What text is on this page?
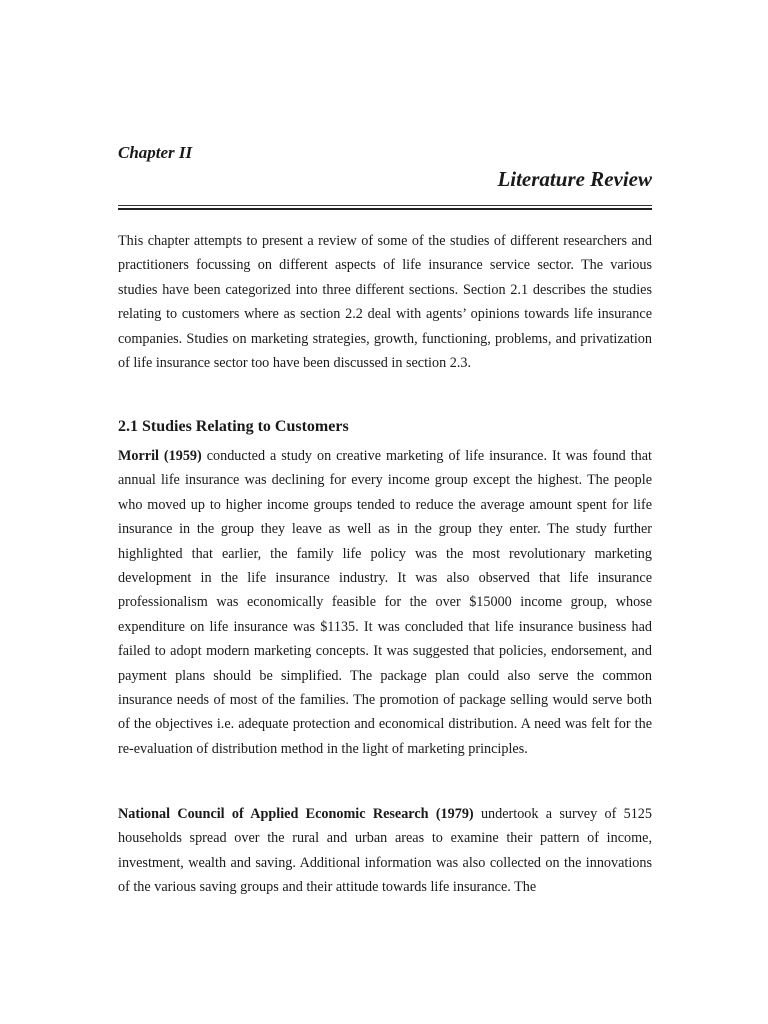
Chapter II

Literature Review

This chapter attempts to present a review of some of the studies of different researchers and practitioners focussing on different aspects of life insurance service sector. The various studies have been categorized into three different sections. Section 2.1 describes the studies relating to customers where as section 2.2 deal with agents’ opinions towards life insurance companies. Studies on marketing strategies, growth, functioning, problems, and privatization of life insurance sector too have been discussed in section 2.3.

2.1 Studies Relating to Customers

Morril (1959) conducted a study on creative marketing of life insurance. It was found that annual life insurance was declining for every income group except the highest. The people who moved up to higher income groups tended to reduce the average amount spent for life insurance in the group they leave as well as in the group they enter. The study further highlighted that earlier, the family life policy was the most revolutionary marketing development in the life insurance industry. It was also observed that life insurance professionalism was economically feasible for the over $15000 income group, whose expenditure on life insurance was $1135. It was concluded that life insurance business had failed to adopt modern marketing concepts. It was suggested that policies, endorsement, and payment plans should be simplified. The package plan could also serve the common insurance needs of most of the families. The promotion of package selling would serve both of the objectives i.e. adequate protection and economical distribution. A need was felt for the re-evaluation of distribution method in the light of marketing principles.

National Council of Applied Economic Research (1979) undertook a survey of 5125 households spread over the rural and urban areas to examine their pattern of income, investment, wealth and saving. Additional information was also collected on the innovations of the various saving groups and their attitude towards life insurance. The
